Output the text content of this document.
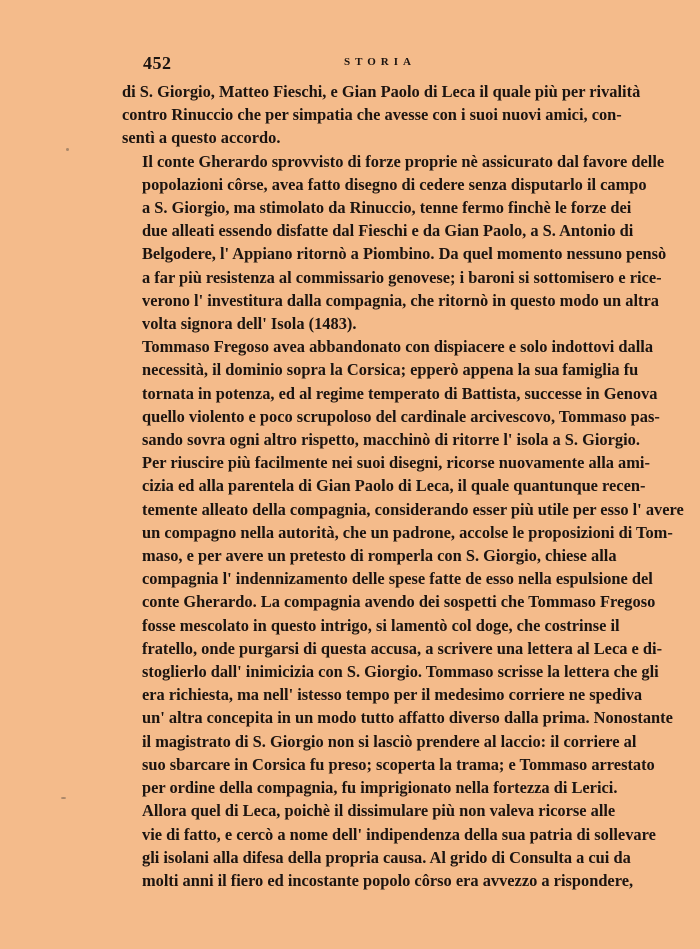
452	STORIA
di S. Giorgio, Matteo Fieschi, e Gian Paolo di Leca il quale più per rivalità
contro Rinuccio che per simpatia che avesse con i suoi nuovi amici, con-
sentì a questo accordo.
Il conte Gherardo sprovvisto di forze proprie nè assicurato dal favore delle
popolazioni côrse, avea fatto disegno di cedere senza disputarlo il campo
a S. Giorgio, ma stimolato da Rinuccio, tenne fermo finchè le forze dei
due alleati essendo disfatte dal Fieschi e da Gian Paolo, a S. Antonio di
Belgodere, l' Appiano ritornò a Piombino. Da quel momento nessuno pensò
a far più resistenza al commissario genovese; i baroni si sottomisero e rice-
verono l' investitura dalla compagnia, che ritornò in questo modo un altra
volta signora dell' Isola (1483).
Tommaso Fregoso avea abbandonato con dispiacere e solo indottovi dalla
necessità, il dominio sopra la Corsica; epperò appena la sua famiglia fu
tornata in potenza, ed al regime temperato di Battista, successe in Genova
quello violento e poco scrupoloso del cardinale arcivescovo, Tommaso pas-
sando sovra ogni altro rispetto, macchinò di ritorre l' isola a S. Giorgio.
Per riuscire più facilmente nei suoi disegni, ricorse nuovamente alla ami-
cizia ed alla parentela di Gian Paolo di Leca, il quale quantunque recen-
temente alleato della compagnia, considerando esser più utile per esso l' avere
un compagno nella autorità, che un padrone, accolse le proposizioni di Tom-
maso, e per avere un pretesto di romperla con S. Giorgio, chiese alla
compagnia l' indennizamento delle spese fatte de esso nella espulsione del
conte Gherardo. La compagnia avendo dei sospetti che Tommaso Fregoso
fosse mescolato in questo intrigo, si lamentò col doge, che costrinse il
fratello, onde purgarsi di questa accusa, a scrivere una lettera al Leca e di-
stoglierlo dall' inimicizia con S. Giorgio. Tommaso scrisse la lettera che gli
era richiesta, ma nell' istesso tempo per il medesimo corriere ne spediva
un' altra concepita in un modo tutto affatto diverso dalla prima. Nonostante
il magistrato di S. Giorgio non si lasciò prendere al laccio: il corriere al
suo sbarcare in Corsica fu preso; scoperta la trama; e Tommaso arrestato
per ordine della compagnia, fu imprigionato nella fortezza di Lerici.
Allora quel di Leca, poichè il dissimulare più non valeva ricorse alle
vie di fatto, e cercò a nome dell' indipendenza della sua patria di sollevare
gli isolani alla difesa della propria causa. Al grido di Consulta a cui da
molti anni il fiero ed incostante popolo côrso era avvezzo a rispondere,
